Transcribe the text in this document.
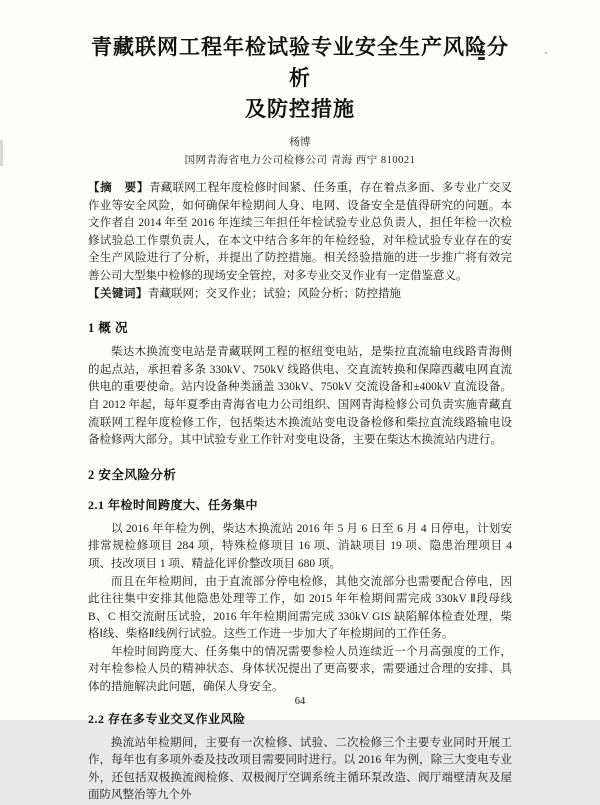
青藏联网工程年检试验专业安全生产风险分析
及防控措施
杨博
国网青海省电力公司检修公司 青海 西宁 810021

【摘　要】青藏联网工程年度检修时间紧、任务重，存在着点多面、多专业广交叉作业等安全风险，如何确保年检期间人身、电网、设备安全是值得研究的问题。本文作者自 2014 年至 2016 年连续三年担任年检试验专业总负责人，担任年检一次检修试验总工作票负责人，在本文中结合多年的年检经验，对年检试验专业存在的安全生产风险进行了分析，并提出了防控措施。相关经验措施的进一步推广将有效完善公司大型集中检修的现场安全管控，对多专业交叉作业有一定借鉴意义。

【关键词】青藏联网；交叉作业；试验；风险分析；防控措施

1 概 况

柴达木换流变电站是青藏联网工程的枢纽变电站，是柴拉直流输电线路青海侧的起点站，承担着多条 330kV、750kV 线路供电、交直流转换和保障西藏电网直流供电的重要使命。站内设备种类涵盖 330kV、750kV 交流设备和±400kV 直流设备。自 2012 年起，每年夏季由青海省电力公司组织、国网青海检修公司负责实施青藏直流联网工程年度检修工作，包括柴达木换流站变电设备检修和柴拉直流线路输电设备检修两大部分。其中试验专业工作针对变电设备，主要在柴达木换流站内进行。

2 安全风险分析
2.1 年检时间跨度大、任务集中

以 2016 年年检为例，柴达木换流站 2016 年 5 月 6 日至 6 月 4 日停电，计划安排常规检修项目 284 项，特殊检修项目 16 项、消缺项目 19 项、隐患治理项目 4 项、技改项目 1 项、精益化评价整改项目 680 项。

而且在年检期间，由于直流部分停电检修，其他交流部分也需要配合停电，因此往往集中安排其他隐患处理等工作，如 2015 年年检期间需完成 330kV Ⅱ段母线 B、C 相交流耐压试验，2016 年年检期间需完成 330kV GIS 缺陷解体检查处理，柴格Ⅰ线、柴格Ⅱ线例行试验。这些工作进一步加大了年检期间的工作任务。

年检时间跨度大、任务集中的情况需要参检人员连续近一个月高强度的工作，对年检参检人员的精神状态、身体状况提出了更高要求，需要通过合理的安排、具体的措施解决此问题，确保人身安全。

2.2 存在多专业交叉作业风险

换流站年检期间，主要有一次检修、试验、二次检修三个主要专业同时开展工作，每年也有多项外委及技改项目需要同时进行。以 2016 年为例，除三大变电专业外，还包括双极换流阀检修、双极阀厅空调系统主循环泵改造、阀厅端壁清灰及屋面防风整治等九个外

64
